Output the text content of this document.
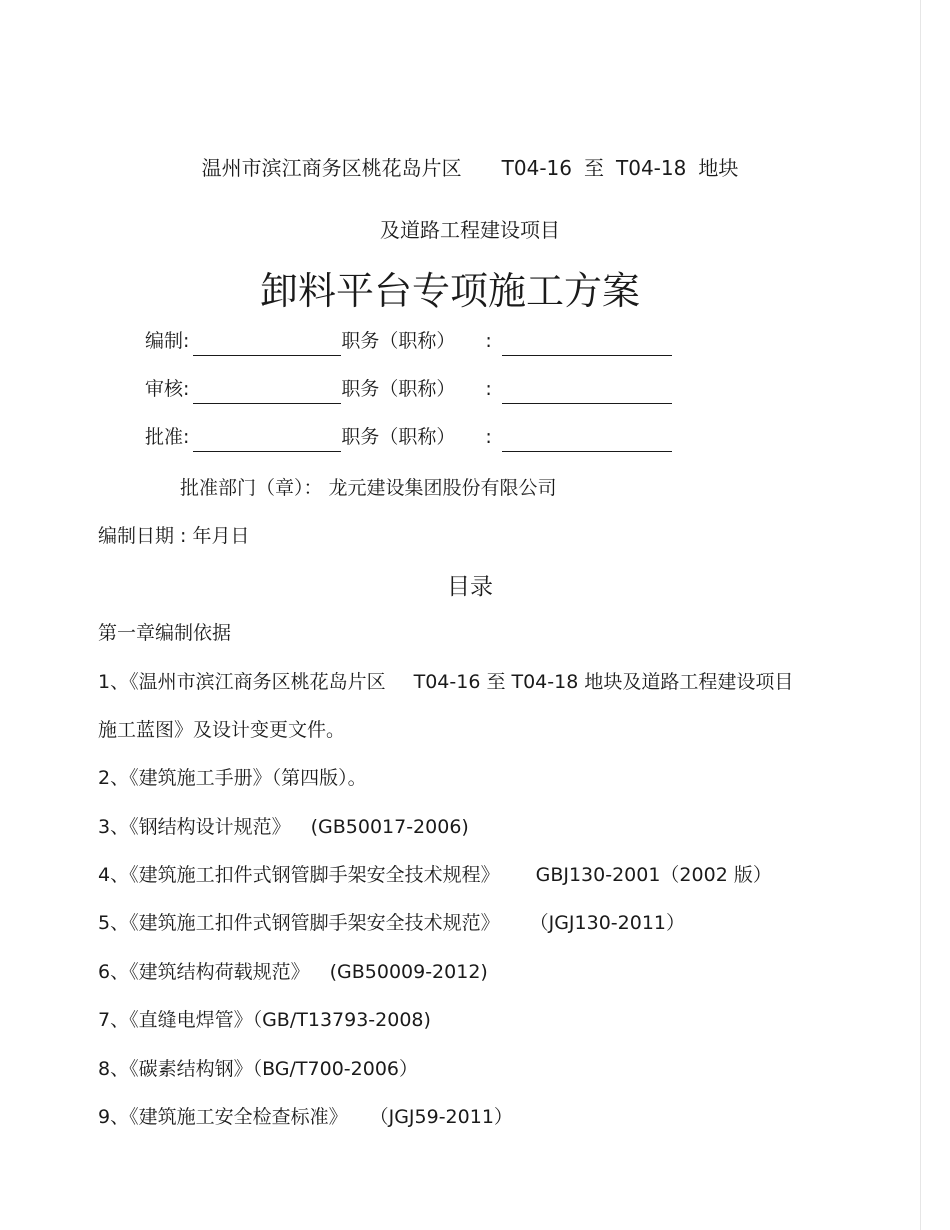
温州市滨江商务区桃花岛片区 T04-16 至 T04-18 地块
及道路工程建设项目
卸料平台专项施工方案
编制:	职务（职称） :
审核:	职务（职称） :
批准:	职务（职称） :
批准部门（章）： 龙元建设集团股份有限公司
编制日期 : 年月日
目录
第一章编制依据
1、《温州市滨江商务区桃花岛片区 T04-16 至 T04-18 地块及道路工程建设项目
施工蓝图》及设计变更文件。
2、《建筑施工手册》（第四版）。
3、《钢结构设计规范》 (GB50017-2006)
4、《建筑施工扣件式钢管脚手架安全技术规程》 GBJ130-2001（2002 版）
5、《建筑施工扣件式钢管脚手架安全技术规范》 （JGJ130-2011）
6、《建筑结构荷载规范》 (GB50009-2012)
7、《直缝电焊管》（GB/T13793-2008)
8、《碳素结构钢》（BG/T700-2006）
9、《建筑施工安全检查标准》 （JGJ59-2011）
